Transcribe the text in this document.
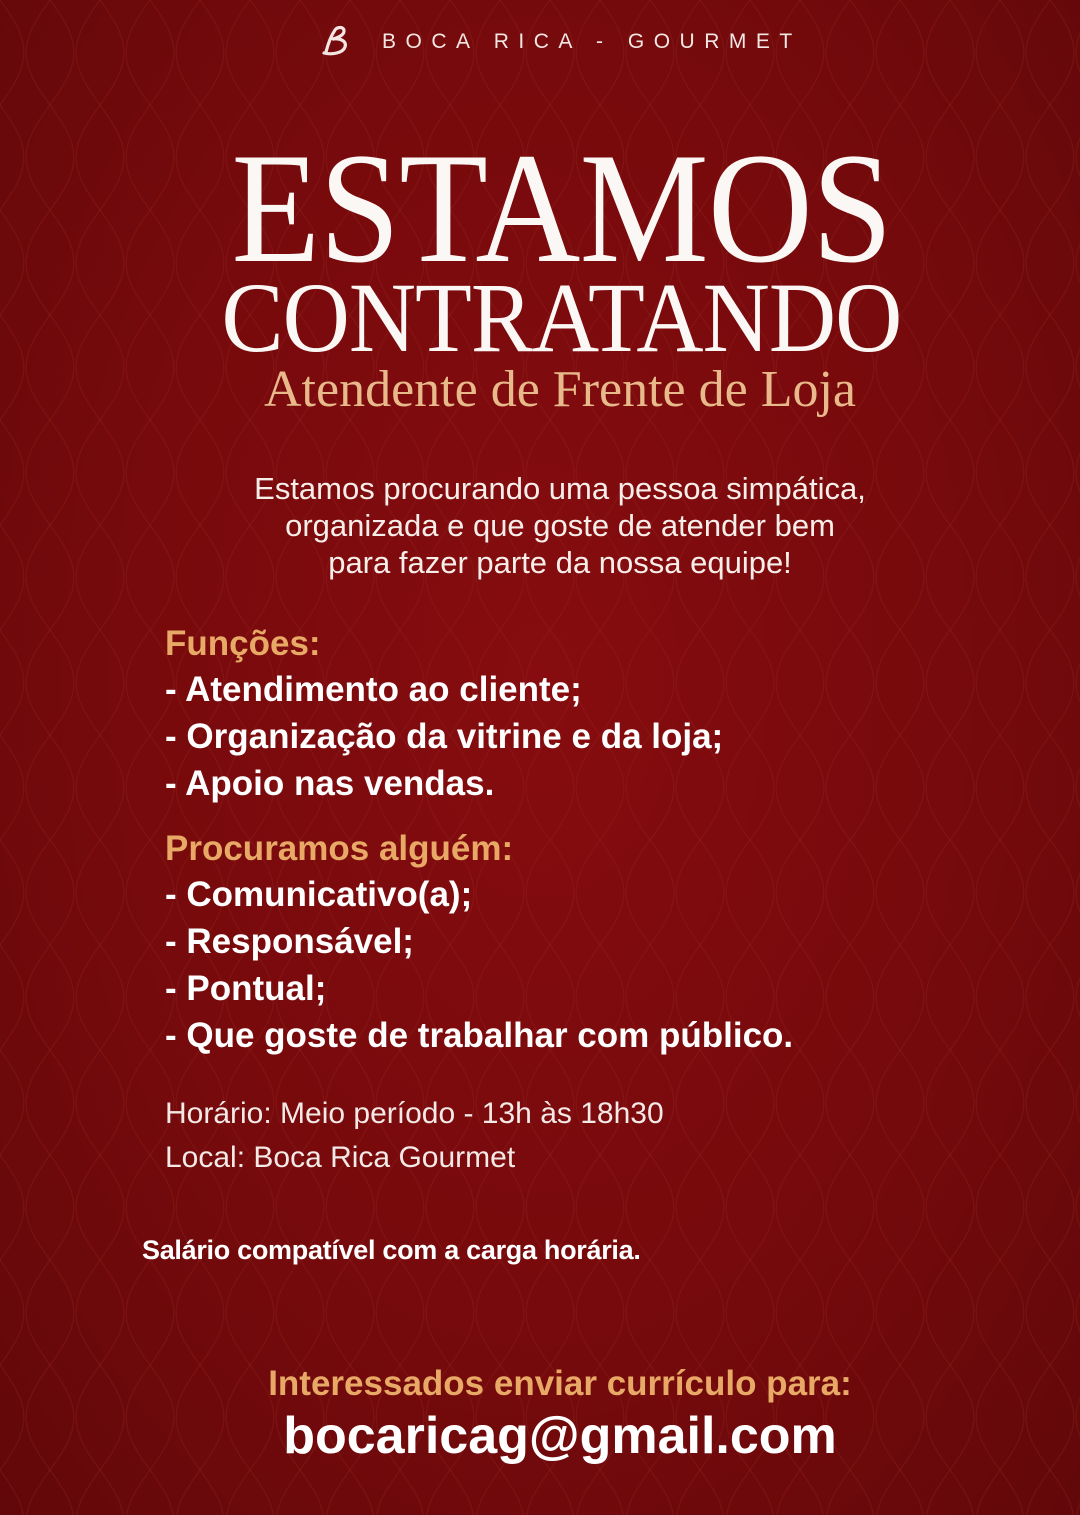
BOCA RICA - GOURMET
ESTAMOS
CONTRATANDO
Atendente de Frente de Loja
Estamos procurando uma pessoa simpática,
organizada e que goste de atender bem
para fazer parte da nossa equipe!
Funções:
- Atendimento ao cliente;
- Organização da vitrine e da loja;
- Apoio nas vendas.
Procuramos alguém:
- Comunicativo(a);
- Responsável;
- Pontual;
- Que goste de trabalhar com público.
Horário: Meio período - 13h às 18h30
Local: Boca Rica Gourmet
Salário compatível com a carga horária.
Interessados enviar currículo para:
bocaricag@gmail.com
